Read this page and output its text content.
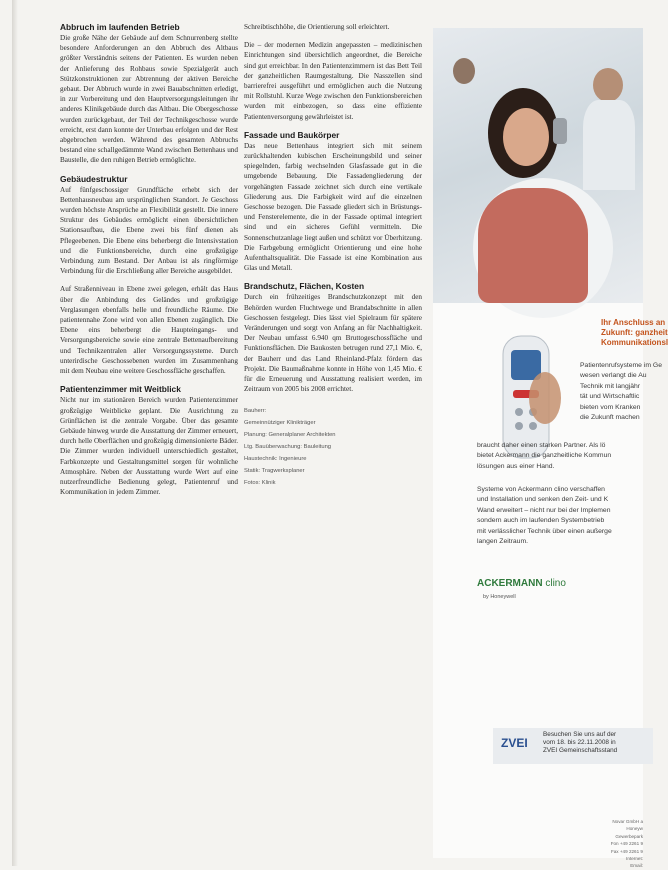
Abbruch im laufenden Betrieb

Die große Nähe der Gebäude auf dem Schnurrenberg stellte besondere Anforderungen an den Abbruch des Altbaus größter Verständnis seitens der Patienten. Es wurden neben der Anlieferung des Rohbaus sowie Spezialgerät auch Stützkonstruktionen zur Abtrennung der aktiven Bereiche gebaut. Der Abbruch wurde in zwei Bauabschnitten erledigt, in zur Vorbereitung und den Hauptversorgungsleitungen ihr anderes Klinikgebäude durch das Altbau. Die Obergeschosse wurden zurückgebaut, der Teil der Technikgeschosse wurde erreicht, erst dann konnte der Unterbau erfolgen und der Rest abgebrochen werden. Während des gesamten Abbruchs bestand eine schallgedämmte Wand zwischen Bettenhaus und Baustelle, die den ruhigen Betrieb ermöglichte.

Gebäudestruktur

Auf fünfgeschossiger Grundfläche erhebt sich der Bettenhausneubau am ursprünglichen Standort. Je Geschoss wurden höchste Ansprüche an Flexibilität gestellt. Die innere Struktur des Gebäudes ermöglicht einen übersichtlichen Stationsaufbau, die Ebene zwei bis fünf dienen als Pflegeebenen. Die Ebene eins beherbergt die Intensivstation und die Funktionsbereiche, durch eine großzügige Verbindung zum Bestand. Der Anbau ist als ringförmige Verbindung für die Erschließung aller Bereiche ausgebildet.

Auf Straßenniveau in Ebene zwei gelegen, erhält das Haus über die Anbindung des Geländes und großzügige Verglasungen ebenfalls helle und freundliche Räume. Die patientennahe Zone wird von allen Ebenen zugänglich. Die Ebene eins beherbergt die Haupteingangs- und Versorgungsbereiche sowie eine zentrale Bettenaufbereitung und Technikzentralen aller Versorgungssysteme. Durch unterirdische Geschossebenen wurden im Zusammenhang mit dem Neubau eine weitere Geschossfläche geschaffen.

Patientenzimmer mit Weitblick

Nicht nur im stationären Bereich wurden Patientenzimmer großzügige Weitblicke geplant. Die Ausrichtung zu Grünflächen ist die zentrale Vorgabe. Über das gesamte Gebäude hinweg wurde die Ausstattung der Zimmer erneuert, durch helle Oberflächen und großzügig dimensionierte Bäder. Die Zimmer wurden individuell unterschiedlich gestaltet, Farbkonzepte und Gestaltungsmittel sorgen für wohnliche Atmosphäre. Neben der Ausstattung wurde Wert auf eine nutzerfreundliche Bedienung gelegt, Patientenruf und Kommunikation in jedem Zimmer.

Schreibtischhöhe, die Orientierung soll erleichtert.

Die – der modernen Medizin angepassten – medizinischen Einrichtungen sind übersichtlich angeordnet, die Bereiche sind gut erreichbar. In den Patientenzimmern ist das Bett Teil der ganzheitlichen Raumgestaltung. Die Nasszellen sind barrierefrei ausgeführt und ermöglichen auch die Nutzung mit Rollstuhl. Kurze Wege zwischen den Funktionsbereichen wurden mit einbezogen, so dass eine effiziente Patientenversorgung gewährleistet ist.

Fassade und Baukörper

Das neue Bettenhaus integriert sich mit seinem zurückhaltenden kubischen Erscheinungsbild und seiner spiegelnden, farbig wechselnden Glasfassade gut in die umgebende Bebauung. Die Fassadengliederung der vorgehängten Fassade zeichnet sich durch eine vertikale Gliederung aus. Die Farbigkeit wird auf die einzelnen Geschosse bezogen. Die Fassade gliedert sich in Brüstungs- und Fensterelemente, die in der Fassade optimal integriert sind und ein sicheres Gefühl vermitteln. Die Sonnenschutzanlage liegt außen und schützt vor Überhitzung. Die Farbgebung ermöglicht Orientierung und eine hohe Aufenthaltsqualität. Die Fassade ist eine Kombination aus Glas und Metall.

Brandschutz, Flächen, Kosten

Durch ein frühzeitiges Brandschutzkonzept mit den Behörden wurden Fluchtwege und Brandabschnitte in allen Geschossen festgelegt. Dies lässt viel Spielraum für spätere Veränderungen und sorgt von Anfang an für Nachhaltigkeit. Der Neubau umfasst 6.940 qm Bruttogeschossfläche und Funktionsflächen. Die Baukosten betrugen rund 27,1 Mio. €, der Bauherr und das Land Rheinland-Pfalz fördern das Projekt. Die Baumaßnahme konnte in Höhe von 1,45 Mio. € für die Erneuerung und Ausstattung realisiert werden, im Zeitraum von 2005 bis 2008 errichtet.

Bauherr:
Gemeinnütziger Klinikträger
Planung: Generalplaner Architekten
Ltg. Bauüberwachung: Bauleitung
Haustechnik: Ingenieure
Statik: Tragwerksplaner
Fotos: Klinik
Ihr Anschluss an
Zukunft: ganzheit
Kommunikationsl
Patientenrufsysteme im Ge
wesen verlangt die Au
Technik mit langjähr
tät und Wirtschaftlic
bieten vom Kranken
die Zukunft machen
braucht daher einen starken Partner. Als lö
bietet Ackermann die ganzheitliche Kommun
lösungen aus einer Hand.
Systeme von Ackermann clino verschaffen
und Installation und senken den Zeit- und K
Wand erweitert – nicht nur bei der Implemen
sondern auch im laufenden Systembetrieb
mit verlässlicher Technik über einen außerge
langen Zeitraum.
ACKERMANN clino
by Honeywell
ZVEI
Besuchen Sie uns auf der
vom 18. bis 22.11.2008 in
ZVEI Gemeinschaftsstand
Novar GmbH a Honeyw
Gewerbepark
Fon +49 2261 9
Fax +49 2261 9 Internet:
Email:
